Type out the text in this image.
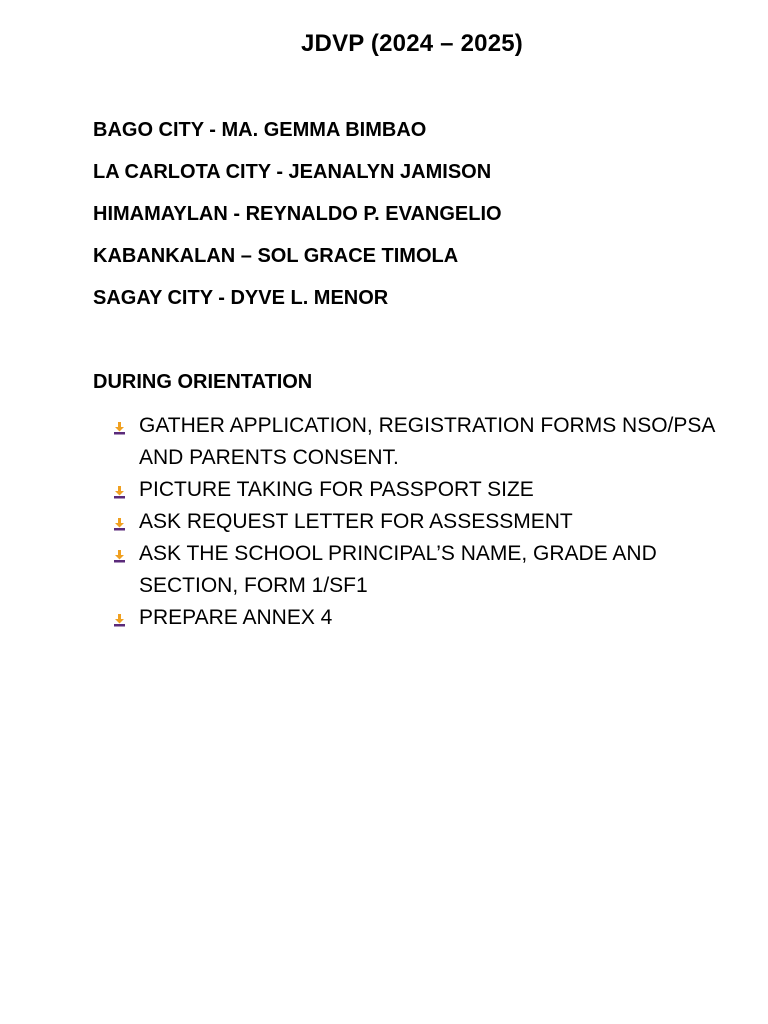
JDVP (2024 – 2025)
BAGO CITY - MA. GEMMA BIMBAO
LA CARLOTA CITY - JEANALYN JAMISON
HIMAMAYLAN - REYNALDO P. EVANGELIO
KABANKALAN – SOL GRACE TIMOLA
SAGAY CITY - DYVE L. MENOR
DURING ORIENTATION
GATHER APPLICATION, REGISTRATION FORMS NSO/PSA AND PARENTS CONSENT.
PICTURE TAKING FOR PASSPORT SIZE
ASK REQUEST LETTER FOR ASSESSMENT
ASK THE SCHOOL PRINCIPAL’S NAME, GRADE AND SECTION, FORM 1/SF1
PREPARE ANNEX 4
